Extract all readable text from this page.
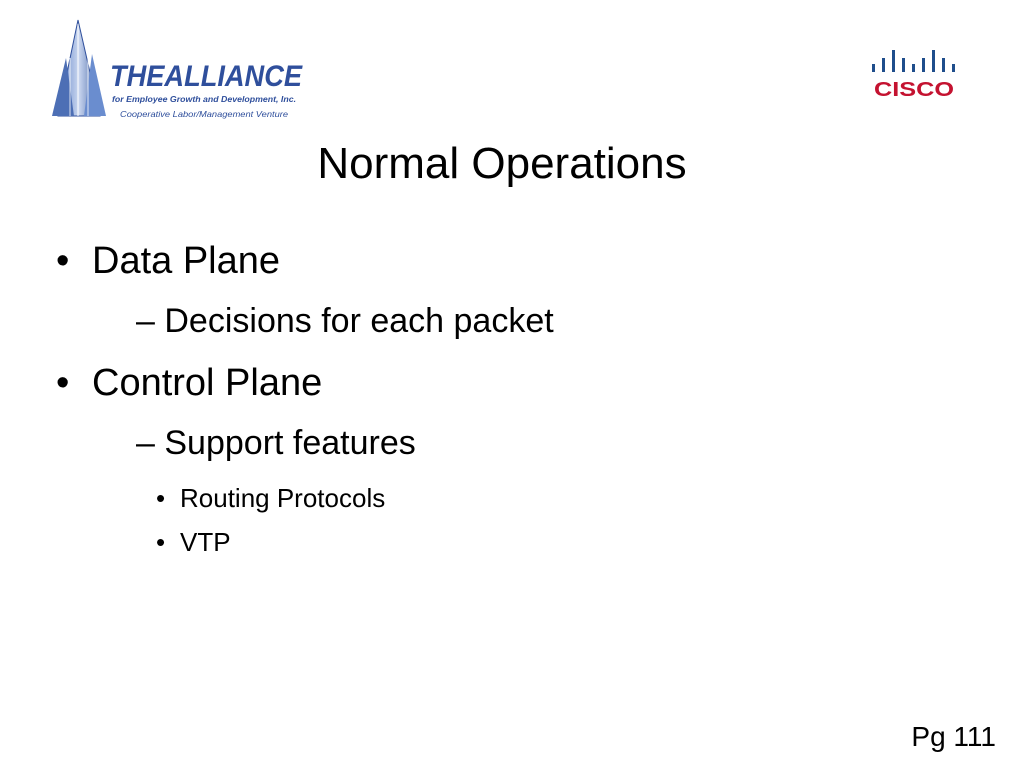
THEALLIANCE
for Employee Growth and Development, Inc.
Cooperative Labor/Management Venture
CISCO
Normal Operations
• Data Plane
– Decisions for each packet
• Control Plane
– Support features
• Routing Protocols
• VTP
Pg 111
